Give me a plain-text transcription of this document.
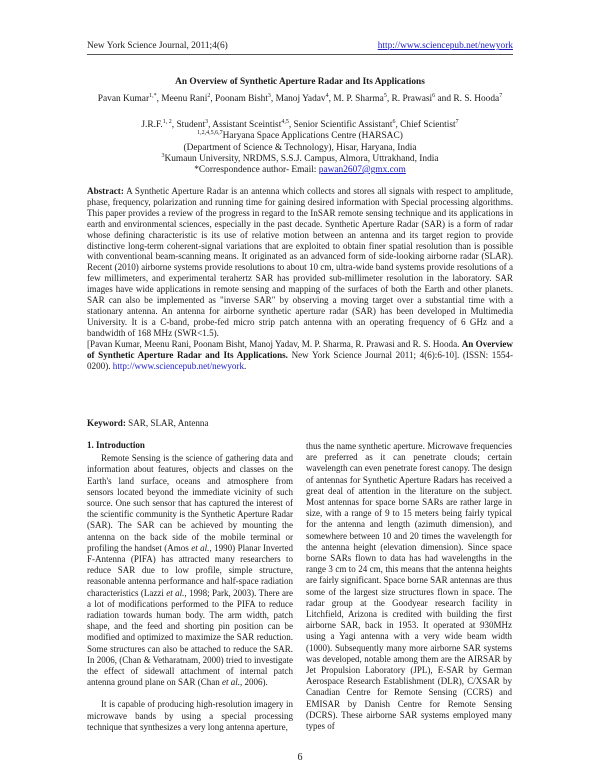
New York Science Journal, 2011;4(6)	http://www.sciencepub.net/newyork
An Overview of Synthetic Aperture Radar and Its Applications
Pavan Kumar$^{1,*}$, Meenu Rani$^2$, Poonam Bisht$^3$, Manoj Yadav$^4$, M. P. Sharma$^5$, R. Prawasi$^6$ and R. S. Hooda$^7$
J.R.F.$^{1, 2}$, Student$^3$, Assistant Sceintist$^{4,5}$, Senior Scientific Assistant$^6$, Chief Scientist$^7$
$^{1,2,4,5,6,7}$Haryana Space Applications Centre (HARSAC)
(Department of Science & Technology), Hisar, Haryana, India
$^3$Kumaun University, NRDMS, S.S.J. Campus, Almora, Uttrakhand, India
*Correspondence author- Email: pawan2607@gmx.com
Abstract: A Synthetic Aperture Radar is an antenna which collects and stores all signals with respect to amplitude, phase, frequency, polarization and running time for gaining desired information with Special processing algorithms. This paper provides a review of the progress in regard to the InSAR remote sensing technique and its applications in earth and environmental sciences, especially in the past decade. Synthetic Aperture Radar (SAR) is a form of radar whose defining characteristic is its use of relative motion between an antenna and its target region to provide distinctive long-term coherent-signal variations that are exploited to obtain finer spatial resolution than is possible with conventional beam-scanning means. It originated as an advanced form of side-looking airborne radar (SLAR). Recent (2010) airborne systems provide resolutions to about 10 cm, ultra-wide band systems provide resolutions of a few millimeters, and experimental terahertz SAR has provided sub-millimeter resolution in the laboratory. SAR images have wide applications in remote sensing and mapping of the surfaces of both the Earth and other planets. SAR can also be implemented as "inverse SAR" by observing a moving target over a substantial time with a stationary antenna. An antenna for airborne synthetic aperture radar (SAR) has been developed in Multimedia University. It is a C-band, probe-fed micro strip patch antenna with an operating frequency of 6 GHz and a bandwidth of 168 MHz (SWR<1.5).
[Pavan Kumar, Meenu Rani, Poonam Bisht, Manoj Yadav, M. P. Sharma, R. Prawasi and R. S. Hooda. An Overview of Synthetic Aperture Radar and Its Applications. New York Science Journal 2011; 4(6):6-10]. (ISSN: 1554-0200). http://www.sciencepub.net/newyork.
Keyword: SAR, SLAR, Antenna
1. Introduction

Remote Sensing is the science of gathering data and information about features, objects and classes on the Earth's land surface, oceans and atmosphere from sensors located beyond the immediate vicinity of such source. One such sensor that has captured the interest of the scientific community is the Synthetic Aperture Radar (SAR). The SAR can be achieved by mounting the antenna on the back side of the mobile terminal or profiling the handset (Amos et al., 1990) Planar Inverted F-Antenna (PIFA) has attracted many researchers to reduce SAR due to low profile, simple structure, reasonable antenna performance and half-space radiation characteristics (Lazzi et al., 1998; Park, 2003). There are a lot of modifications performed to the PIFA to reduce radiation towards human body. The arm width, patch shape, and the feed and shorting pin position can be modified and optimized to maximize the SAR reduction. Some structures can also be attached to reduce the SAR. In 2006, (Chan & Vetharatnam, 2000) tried to investigate the effect of sidewall attachment of internal patch antenna ground plane on SAR (Chan et al., 2006).

It is capable of producing high-resolution imagery in microwave bands by using a special processing technique that synthesizes a very long antenna aperture,

thus the name synthetic aperture. Microwave frequencies are preferred as it can penetrate clouds; certain wavelength can even penetrate forest canopy. The design of antennas for Synthetic Aperture Radars has received a great deal of attention in the literature on the subject. Most antennas for space borne SARs are rather large in size, with a range of 9 to 15 meters being fairly typical for the antenna and length (azimuth dimension), and somewhere between 10 and 20 times the wavelength for the antenna height (elevation dimension). Since space borne SARs flown to data has had wavelengths in the range 3 cm to 24 cm, this means that the antenna heights are fairly significant. Space borne SAR antennas are thus some of the largest size structures flown in space. The radar group at the Goodyear research facility in Litchfield, Arizona is credited with building the first airborne SAR, back in 1953. It operated at 930MHz using a Yagi antenna with a very wide beam width (1000). Subsequently many more airborne SAR systems was developed, notable among them are the AIRSAR by Jet Propulsion Laboratory (JPL), E-SAR by German Aerospace Research Establishment (DLR), C/XSAR by Canadian Centre for Remote Sensing (CCRS) and EMISAR by Danish Centre for Remote Sensing (DCRS). These airborne SAR systems employed many types of

6
